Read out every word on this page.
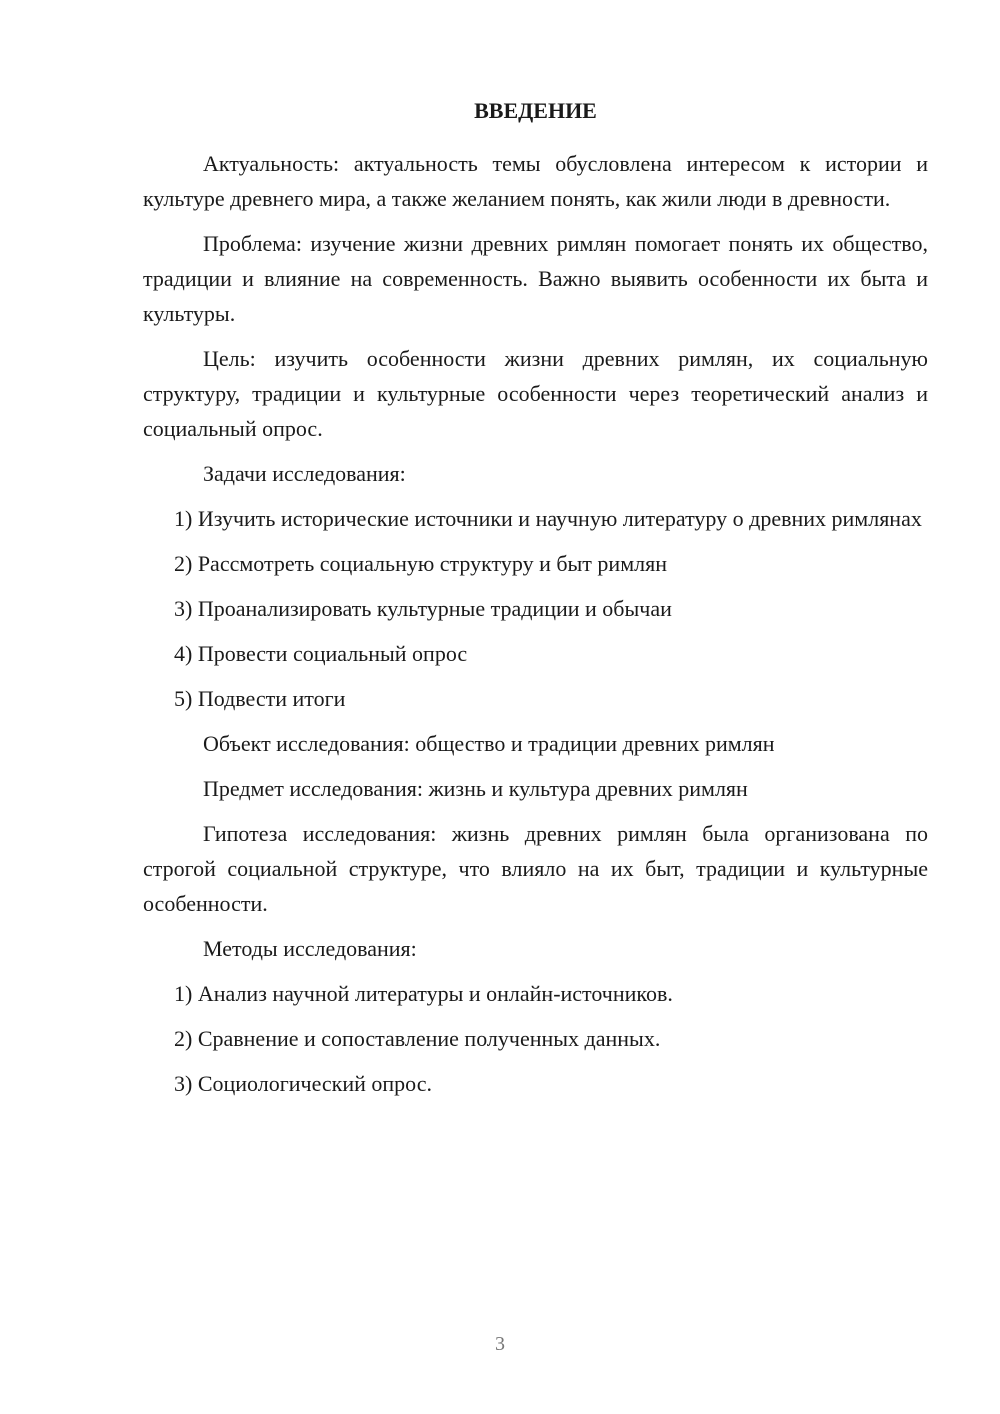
ВВЕДЕНИЕ

Актуальность: актуальность темы обусловлена интересом к истории и культуре древнего мира, а также желанием понять, как жили люди в древности.

Проблема: изучение жизни древних римлян помогает понять их общество, традиции и влияние на современность. Важно выявить особенности их быта и культуры.

Цель: изучить особенности жизни древних римлян, их социальную структуру, традиции и культурные особенности через теоретический анализ и социальный опрос.

Задачи исследования:

1) Изучить исторические источники и научную литературу о древних римлянах

2) Рассмотреть социальную структуру и быт римлян

3) Проанализировать культурные традиции и обычаи

4) Провести социальный опрос

5) Подвести итоги

Объект исследования: общество и традиции древних римлян

Предмет исследования: жизнь и культура древних римлян

Гипотеза исследования: жизнь древних римлян была организована по строгой социальной структуре, что влияло на их быт, традиции и культурные особенности.

Методы исследования:

1) Анализ научной литературы и онлайн-источников.

2) Сравнение и сопоставление полученных данных.

3) Социологический опрос.

3
